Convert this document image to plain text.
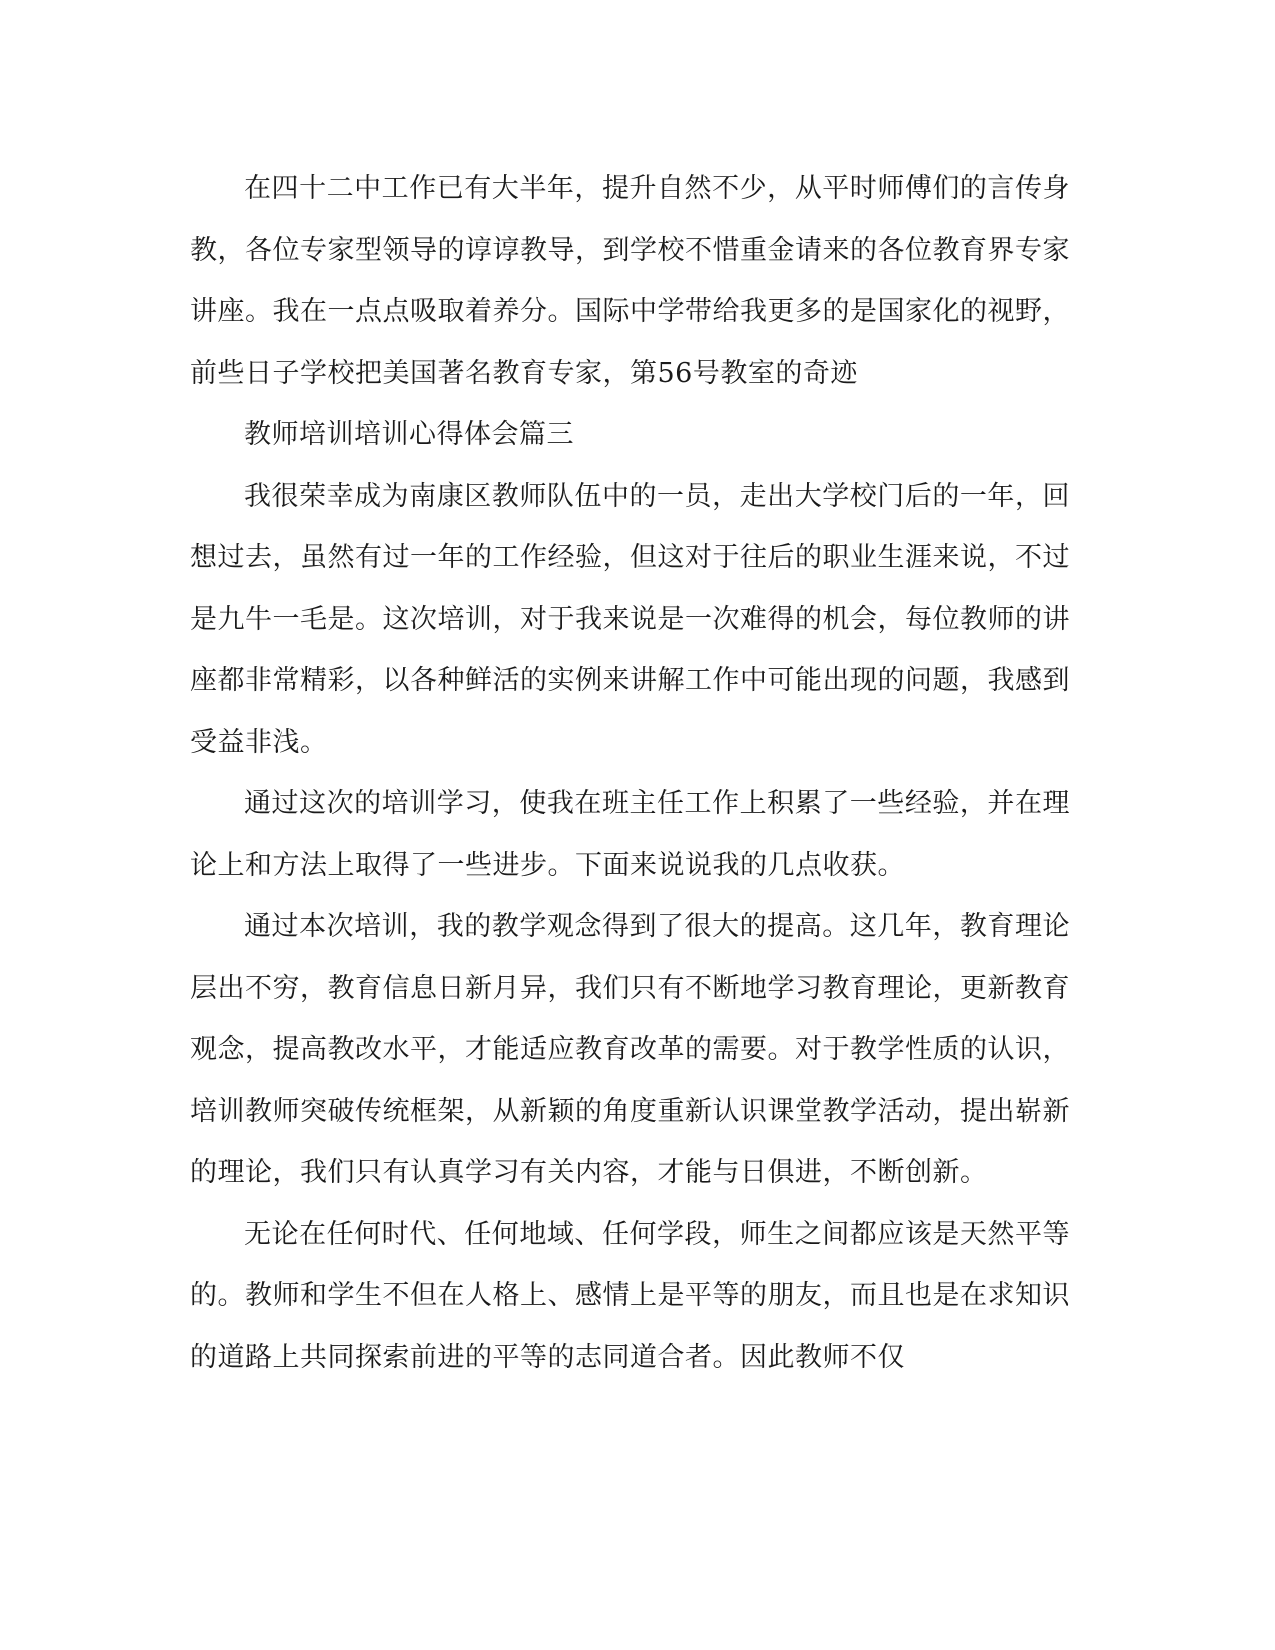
在四十二中工作已有大半年，提升自然不少，从平时师傅们的言传身教，各位专家型领导的谆谆教导，到学校不惜重金请来的各位教育界专家讲座。我在一点点吸取着养分。国际中学带给我更多的是国家化的视野，前些日子学校把美国著名教育专家，第56号教室的奇迹

教师培训培训心得体会篇三

我很荣幸成为南康区教师队伍中的一员，走出大学校门后的一年，回想过去，虽然有过一年的工作经验，但这对于往后的职业生涯来说，不过是九牛一毛是。这次培训，对于我来说是一次难得的机会，每位教师的讲座都非常精彩，以各种鲜活的实例来讲解工作中可能出现的问题，我感到受益非浅。

通过这次的培训学习，使我在班主任工作上积累了一些经验，并在理论上和方法上取得了一些进步。下面来说说我的几点收获。

通过本次培训，我的教学观念得到了很大的提高。这几年，教育理论层出不穷，教育信息日新月异，我们只有不断地学习教育理论，更新教育观念，提高教改水平，才能适应教育改革的需要。对于教学性质的认识，培训教师突破传统框架，从新颖的角度重新认识课堂教学活动，提出崭新的理论，我们只有认真学习有关内容，才能与日俱进，不断创新。

无论在任何时代、任何地域、任何学段，师生之间都应该是天然平等的。教师和学生不但在人格上、感情上是平等的朋友，而且也是在求知识的道路上共同探索前进的平等的志同道合者。因此教师不仅
